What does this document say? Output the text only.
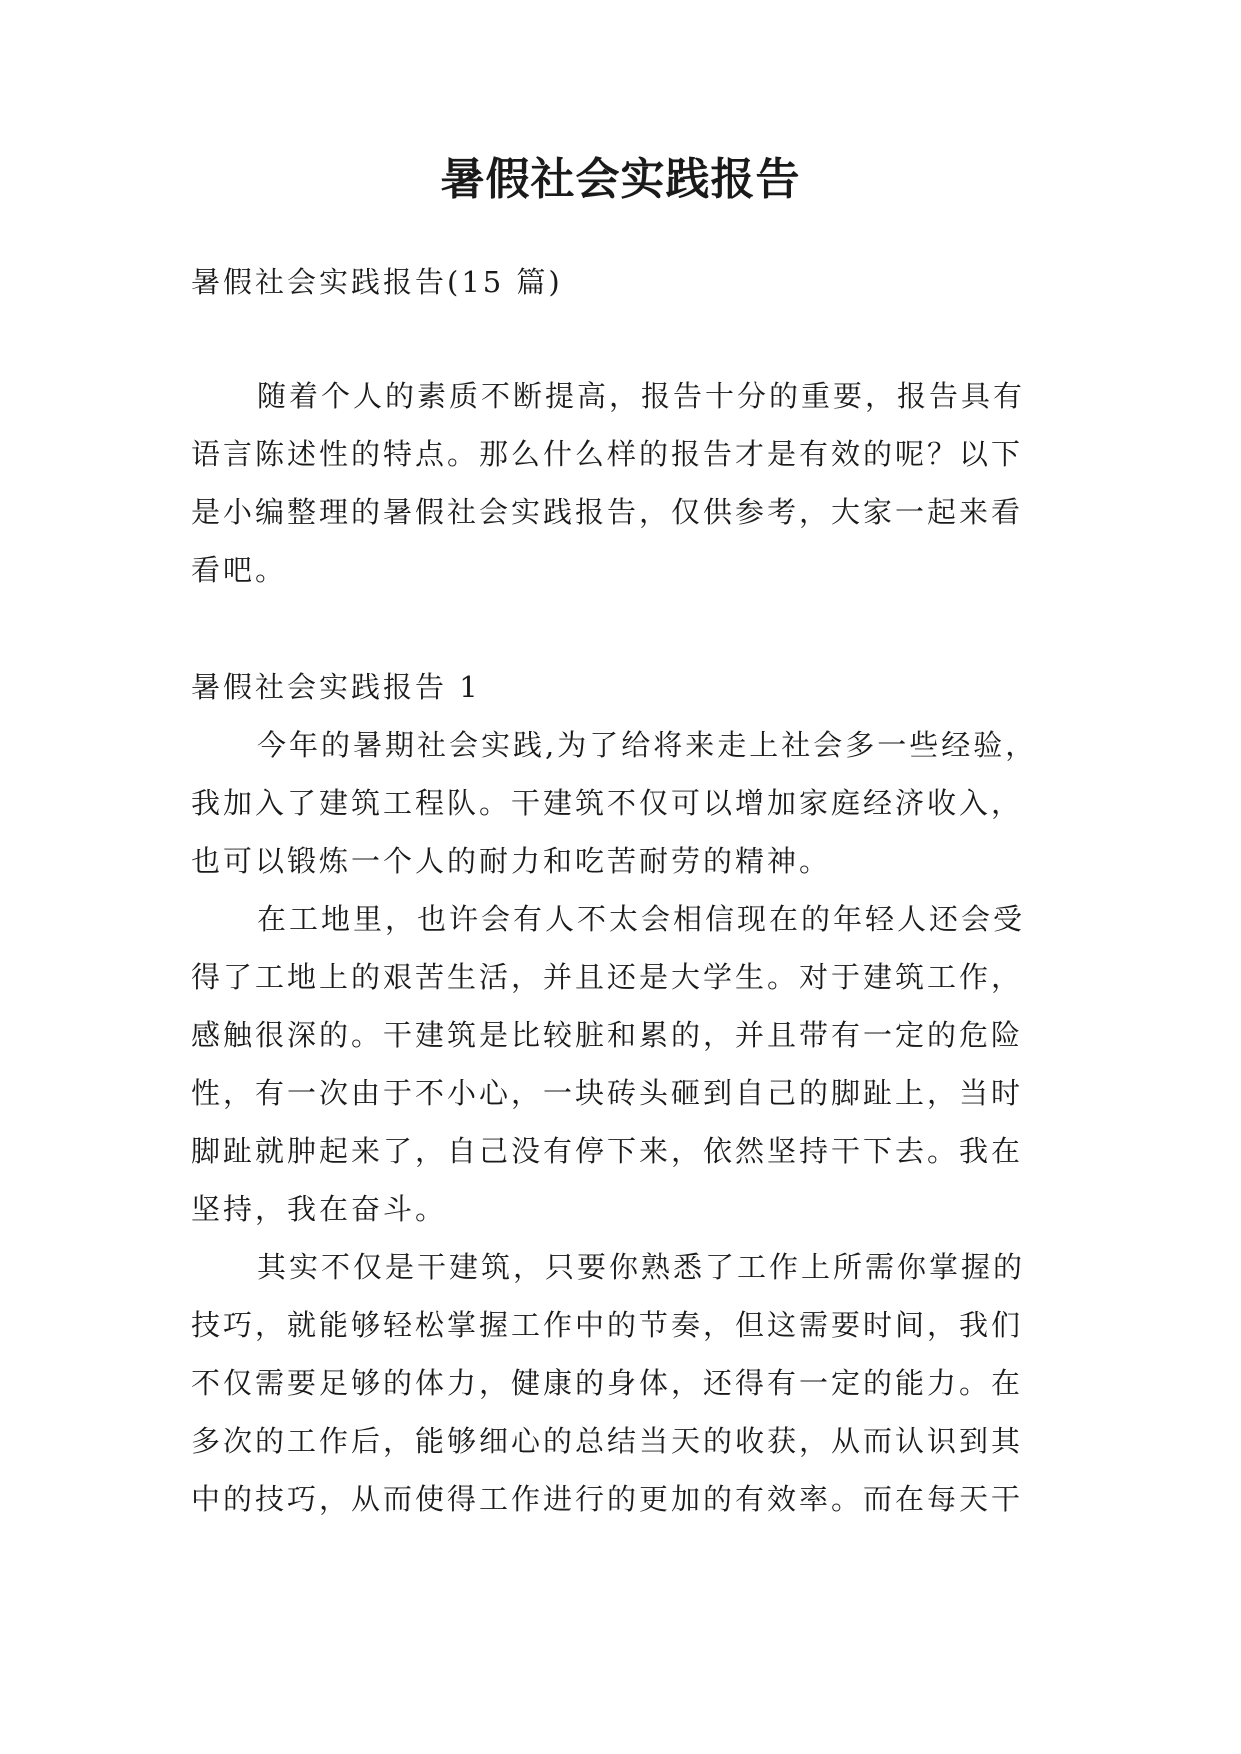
暑假社会实践报告

暑假社会实践报告(15 篇)

随着个人的素质不断提高，报告十分的重要，报告具有

语言陈述性的特点。那么什么样的报告才是有效的呢？以下

是小编整理的暑假社会实践报告，仅供参考，大家一起来看

看吧。

暑假社会实践报告 1

今年的暑期社会实践,为了给将来走上社会多一些经验，

我加入了建筑工程队。干建筑不仅可以增加家庭经济收入，

也可以锻炼一个人的耐力和吃苦耐劳的精神。

在工地里，也许会有人不太会相信现在的年轻人还会受

得了工地上的艰苦生活，并且还是大学生。对于建筑工作，

感触很深的。干建筑是比较脏和累的，并且带有一定的危险

性，有一次由于不小心，一块砖头砸到自己的脚趾上，当时

脚趾就肿起来了，自己没有停下来，依然坚持干下去。我在

坚持，我在奋斗。

其实不仅是干建筑，只要你熟悉了工作上所需你掌握的

技巧，就能够轻松掌握工作中的节奏，但这需要时间，我们

不仅需要足够的体力，健康的身体，还得有一定的能力。在

多次的工作后，能够细心的总结当天的收获，从而认识到其

中的技巧，从而使得工作进行的更加的有效率。而在每天干
